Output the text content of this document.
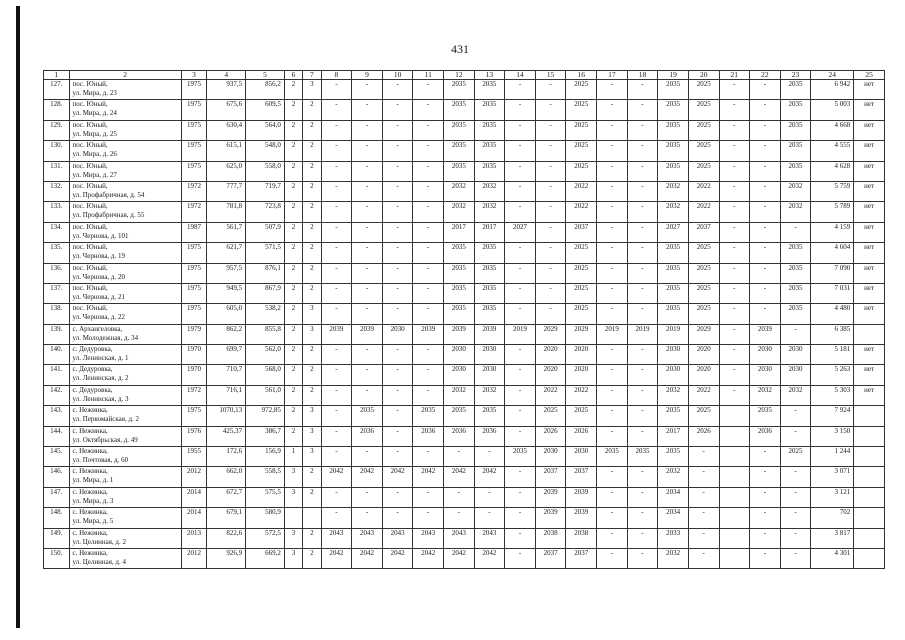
431
1	2	3	4	5	6	7	8	9	10	11	12	13	14	15	16	17	18	19	20	21	22	23	24	25
127.	пос. Юный,
ул. Мира, д. 23	1975	937,5	856,2	2	3	-	-	-	-	2035	2035	-	-	2025	-	-	2035	2025	-	-	2035	6 942	нет
128.	пос. Юный,
ул. Мира, д. 24	1975	675,6	609,5	2	2	-	-	-	-	2035	2035	-	-	2025	-	-	2035	2025	-	-	2035	5 003	нет
129.	пос. Юный,
ул. Мира, д. 25	1975	630,4	564,0	2	2	-	-	-	-	2035	2035	-	-	2025	-	-	2035	2025	-	-	2035	4 668	нет
130.	пос. Юный,
ул. Мира, д. 26	1975	615,1	548,0	2	2	-	-	-	-	2035	2035	-	-	2025	-	-	2035	2025	-	-	2035	4 555	нет
131.	пос. Юный,
ул. Мира, д. 27	1975	625,0	558,0	2	2	-	-	-	-	2035	2035	-	-	2025	-	-	2035	2025	-	-	2035	4 628	нет
132.	пос. Юный,
ул. Профабричная, д. 54	1972	777,7	719,7	2	2	-	-	-	-	2032	2032	-	-	2022	-	-	2032	2022	-	-	2032	5 759	нет
133.	пос. Юный,
ул. Профабричная, д. 55	1972	781,8	723,8	2	2	-	-	-	-	2032	2032	-	-	2022	-	-	2032	2022	-	-	2032	5 789	нет
134.	пос. Юный,
ул. Чернова, д. 101	1987	561,7	507,9	2	2	-	-	-	-	2017	2017	2027	-	2037	-	-	2027	2037	-	-	-	4 159	нет
135.	пос. Юный,
ул. Чернова, д. 19	1975	621,7	571,5	2	2	-	-	-	-	2035	2035	-	-	2025	-	-	2035	2025	-	-	2035	4 604	нет
136.	пос. Юный,
ул. Чернова, д. 20	1975	957,5	876,1	2	2	-	-	-	-	2035	2035	-	-	2025	-	-	2035	2025	-	-	2035	7 090	нет
137.	пос. Юный,
ул. Чернова, д. 21	1975	949,5	867,9	2	2	-	-	-	-	2035	2035	-	-	2025	-	-	2035	2025	-	-	2035	7 031	нет
138.	пос. Юный,
ул. Чернова, д. 22	1975	605,0	538,2	2	3	-	-	-	-	2035	2035	-	-	2025	-	-	2035	2025	-	-	2035	4 480	нет
139.	с. Архангеловка,
ул. Молодежная, д. 34	1979	862,2	855,8	2	3	2039	2039	2030	2039	2039	2039	2019	2029	2029	2019	2019	2019	2029	-	2039	-	6 385	
140.	с. Дедуровка,
ул. Ленинская, д. 1	1970	699,7	562,0	2	2	-	-	-	-	2030	2030	-	2020	2020	-	-	2030	2020	-	2030	2030	5 181	нет
141.	с. Дедуровка,
ул. Ленинская, д. 2	1970	710,7	568,0	2	2	-	-	-	-	2030	2030	-	2020	2020	-	-	2030	2020	-	2030	2030	5 263	нет
142.	с. Дедуровка,
ул. Ленинская, д. 3	1972	716,1	561,0	2	2	-	-	-	-	2032	2032	-	2022	2022	-	-	2032	2022	-	2032	2032	5 303	нет
143.	с. Нежинка,
ул. Первомайская, д. 2	1975	1070,13	972,85	2	3	-	2035	-	2035	2035	2035	-	2025	2025	-	-	2035	2025		2035	-	7 924	
144.	с. Нежинка,
ул. Октябрьская, д. 49	1976	425,37	386,7	2	3	-	2036	-	2036	2036	2036	-	2026	2026	-	-	2017	2026		2036	-	3 150	
145.	с. Нежинка,
ул. Почтовая, д. 60	1955	172,6	156,9	1	3	-	-	-	-	-	-	2035	2030	2030	2035	2035	2035	-		-	2025	1 244	
146.	с. Нежинка,
ул. Мира, д. 1	2012	662,0	558,5	3	2	2042	2042	2042	2042	2042	2042	-	2037	2037	-	-	2032	-		-	-	3 071	
147.	с. Нежинка,
ул. Мира, д. 3	2014	672,7	575,5	3	2	-	-	-	-	-	-	-	2039	2039	-	-	2034	-		-	-	3 121	
148.	с. Нежинка,
ул. Мира, д. 5	2014	679,1	580,9			-	-	-	-	-	-	-	2039	2039	-	-	2034	-		-	-	702	
149.	с. Нежинка,
ул. Целинная, д. 2	2013	822,6	572,5	3	2	2043	2043	2043	2043	2043	2043	-	2038	2038	-	-	2033	-		-	-	3 817	
150.	с. Нежинка,
ул. Целинная, д. 4	2012	926,9	669,2	3	2	2042	2042	2042	2042	2042	2042	-	2037	2037	-	-	2032	-		-	-	4 301	
